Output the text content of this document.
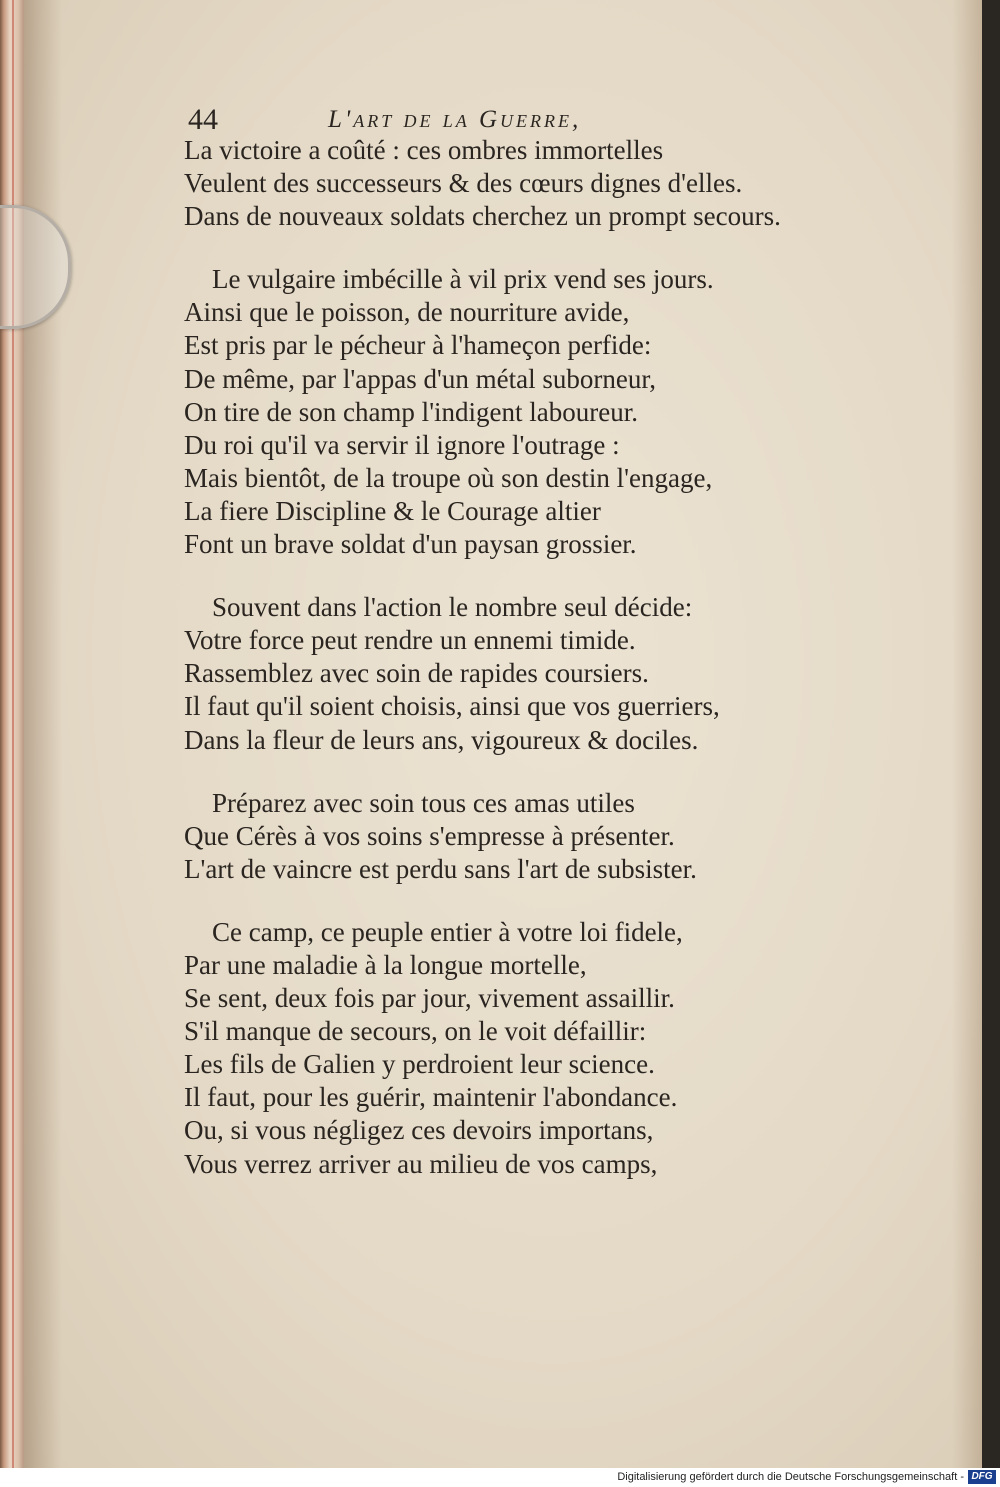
44	L'art de la Guerre,
La victoire a coûté : ces ombres immortelles
Veulent des successeurs & des cœurs dignes d'elles.
Dans de nouveaux soldats cherchez un prompt secours.
Le vulgaire imbécille à vil prix vend ses jours.
Ainsi que le poisson, de nourriture avide,
Est pris par le pécheur à l'hameçon perfide:
De même, par l'appas d'un métal suborneur,
On tire de son champ l'indigent laboureur.
Du roi qu'il va servir il ignore l'outrage :
Mais bientôt, de la troupe où son destin l'engage,
La fiere Discipline & le Courage altier
Font un brave soldat d'un paysan grossier.
Souvent dans l'action le nombre seul décide:
Votre force peut rendre un ennemi timide.
Rassemblez avec soin de rapides coursiers.
Il faut qu'il soient choisis, ainsi que vos guerriers,
Dans la fleur de leurs ans, vigoureux & dociles.
Préparez avec soin tous ces amas utiles
Que Cérès à vos soins s'empresse à présenter.
L'art de vaincre est perdu sans l'art de subsister.
Ce camp, ce peuple entier à votre loi fidele,
Par une maladie à la longue mortelle,
Se sent, deux fois par jour, vivement assaillir.
S'il manque de secours, on le voit défaillir:
Les fils de Galien y perdroient leur science.
Il faut, pour les guérir, maintenir l'abondance.
Ou, si vous négligez ces devoirs importans,
Vous verrez arriver au milieu de vos camps,
Digitalisierung gefördert durch die Deutsche Forschungsgemeinschaft - DFG
